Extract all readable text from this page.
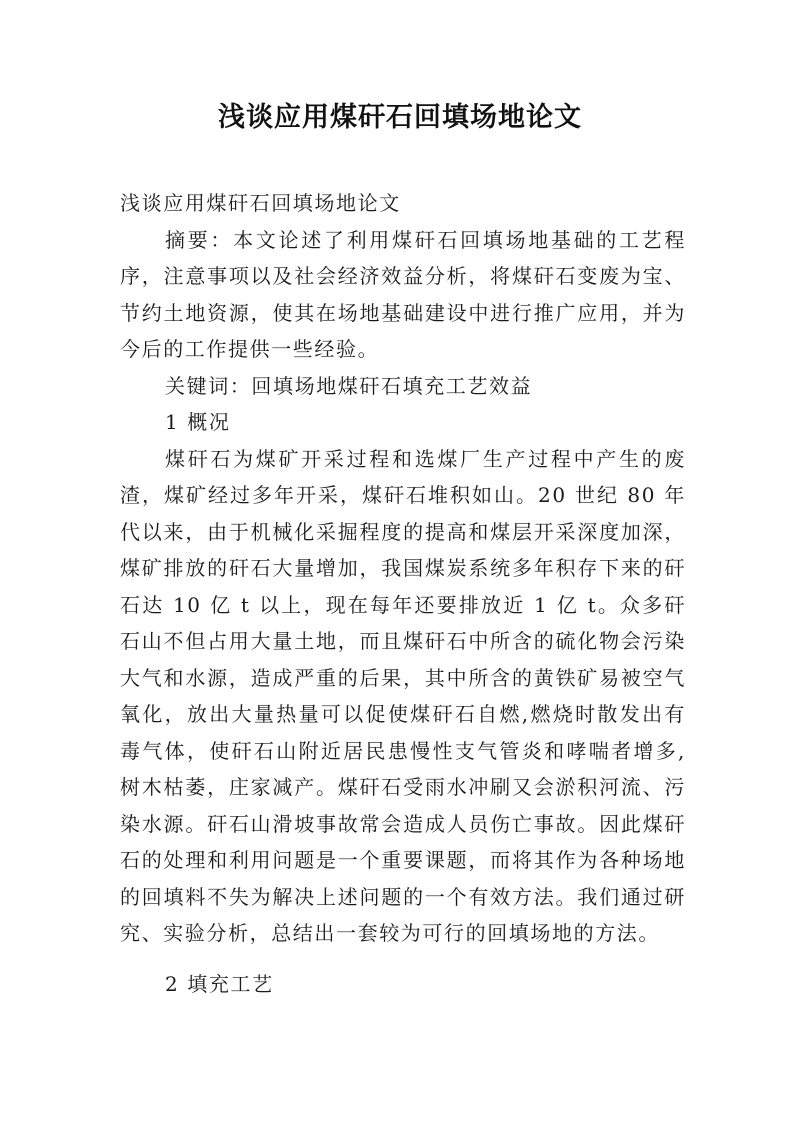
浅谈应用煤矸石回填场地论文

浅谈应用煤矸石回填场地论文

摘要：本文论述了利用煤矸石回填场地基础的工艺程序，注意事项以及社会经济效益分析，将煤矸石变废为宝、节约土地资源，使其在场地基础建设中进行推广应用，并为今后的工作提供一些经验。

关键词：回填场地煤矸石填充工艺效益

1 概况

煤矸石为煤矿开采过程和选煤厂生产过程中产生的废渣，煤矿经过多年开采，煤矸石堆积如山。20 世纪 80 年代以来，由于机械化采掘程度的提高和煤层开采深度加深，煤矿排放的矸石大量增加，我国煤炭系统多年积存下来的矸石达 10 亿 t 以上，现在每年还要排放近 1 亿 t。众多矸石山不但占用大量土地，而且煤矸石中所含的硫化物会污染大气和水源，造成严重的后果，其中所含的黄铁矿易被空气氧化，放出大量热量可以促使煤矸石自燃,燃烧时散发出有毒气体，使矸石山附近居民患慢性支气管炎和哮喘者增多,树木枯萎，庄家减产。煤矸石受雨水冲刷又会淤积河流、污染水源。矸石山滑坡事故常会造成人员伤亡事故。因此煤矸石的处理和利用问题是一个重要课题，而将其作为各种场地的回填料不失为解决上述问题的一个有效方法。我们通过研究、实验分析，总结出一套较为可行的回填场地的方法。

2 填充工艺
